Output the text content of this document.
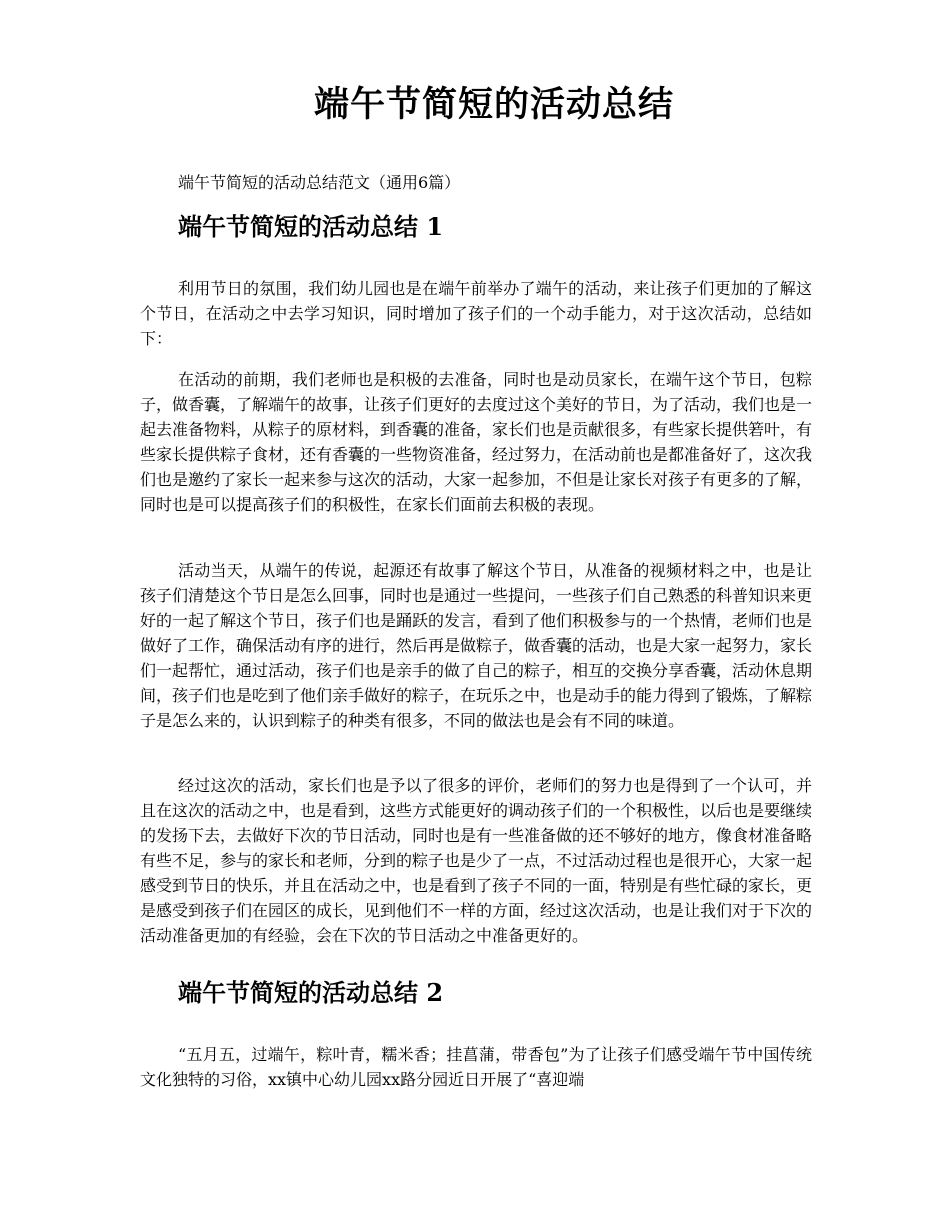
端午节简短的活动总结

端午节简短的活动总结范文（通用6篇）

端午节简短的活动总结 1

利用节日的氛围，我们幼儿园也是在端午前举办了端午的活动，来让孩子们更加的了解这个节日，在活动之中去学习知识，同时增加了孩子们的一个动手能力，对于这次活动，总结如下：

在活动的前期，我们老师也是积极的去准备，同时也是动员家长，在端午这个节日，包粽子，做香囊，了解端午的故事，让孩子们更好的去度过这个美好的节日，为了活动，我们也是一起去准备物料，从粽子的原材料，到香囊的准备，家长们也是贡献很多，有些家长提供箬叶，有些家长提供粽子食材，还有香囊的一些物资准备，经过努力，在活动前也是都准备好了，这次我们也是邀约了家长一起来参与这次的活动，大家一起参加，不但是让家长对孩子有更多的了解，同时也是可以提高孩子们的积极性，在家长们面前去积极的表现。

活动当天，从端午的传说，起源还有故事了解这个节日，从准备的视频材料之中，也是让孩子们清楚这个节日是怎么回事，同时也是通过一些提问，一些孩子们自己熟悉的科普知识来更好的一起了解这个节日，孩子们也是踊跃的发言，看到了他们积极参与的一个热情，老师们也是做好了工作，确保活动有序的进行，然后再是做粽子，做香囊的活动，也是大家一起努力，家长们一起帮忙，通过活动，孩子们也是亲手的做了自己的粽子，相互的交换分享香囊，活动休息期间，孩子们也是吃到了他们亲手做好的粽子，在玩乐之中，也是动手的能力得到了锻炼，了解粽子是怎么来的，认识到粽子的种类有很多，不同的做法也是会有不同的味道。

经过这次的活动，家长们也是予以了很多的评价，老师们的努力也是得到了一个认可，并且在这次的活动之中，也是看到，这些方式能更好的调动孩子们的一个积极性，以后也是要继续的发扬下去，去做好下次的节日活动，同时也是有一些准备做的还不够好的地方，像食材准备略有些不足，参与的家长和老师，分到的粽子也是少了一点，不过活动过程也是很开心，大家一起感受到节日的快乐，并且在活动之中，也是看到了孩子不同的一面，特别是有些忙碌的家长，更是感受到孩子们在园区的成长，见到他们不一样的方面，经过这次活动，也是让我们对于下次的活动准备更加的有经验，会在下次的节日活动之中准备更好的。

端午节简短的活动总结 2

“五月五，过端午，粽叶青，糯米香；挂菖蒲，带香包”为了让孩子们感受端午节中国传统文化独特的习俗，xx镇中心幼儿园xx路分园近日开展了“喜迎端
